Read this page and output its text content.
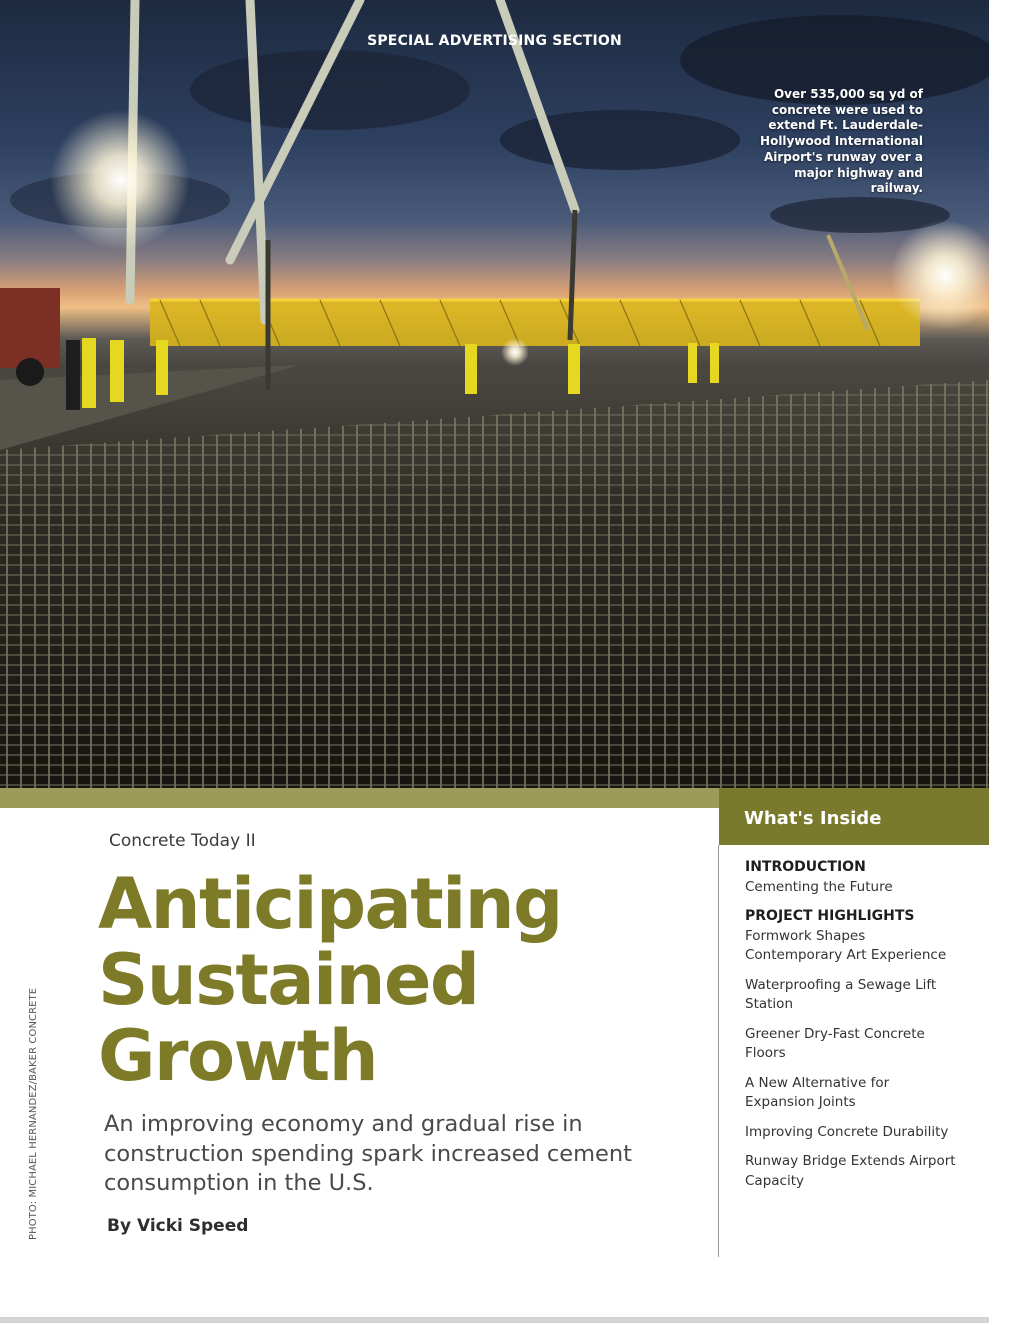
SPECIAL ADVERTISING SECTION
Over 535,000 sq yd of concrete were used to extend Ft. Lauderdale-Hollywood International Airport's runway over a major highway and railway.
What's Inside
Concrete Today II
Anticipating
Sustained
Growth
An improving economy and gradual rise in construction spending spark increased cement consumption in the U.S.
By Vicki Speed
PHOTO: MICHAEL HERNANDEZ/BAKER CONCRETE
INTRODUCTION
Cementing the Future
PROJECT HIGHLIGHTS
Formwork Shapes Contemporary Art Experience
Waterproofing a Sewage Lift Station
Greener Dry-Fast Concrete Floors
A New Alternative for Expansion Joints
Improving Concrete Durability
Runway Bridge Extends Airport Capacity
